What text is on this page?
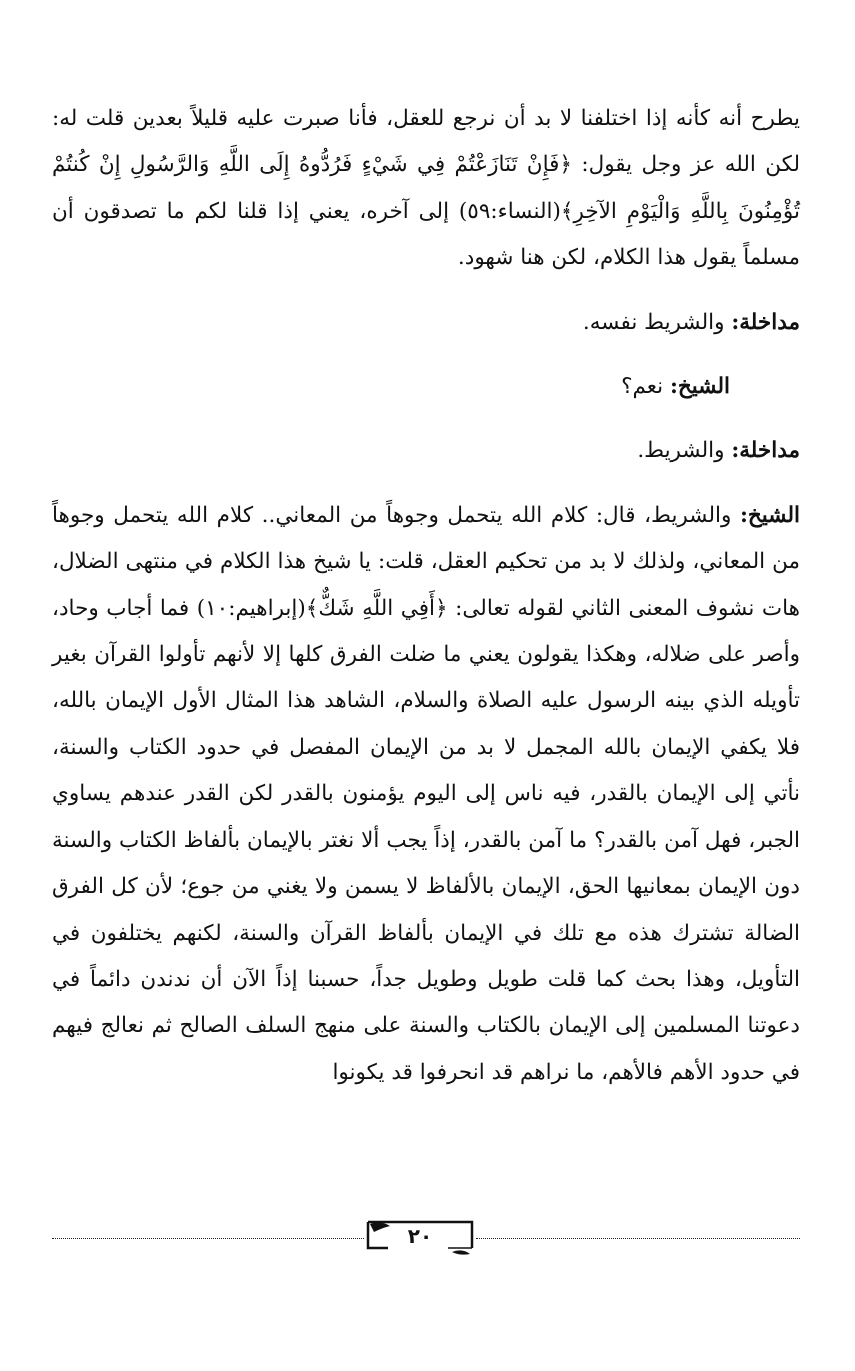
يطرح أنه كأنه إذا اختلفنا لا بد أن نرجع للعقل، فأنا صبرت عليه قليلاً بعدين قلت له: لكن الله عز وجل يقول: ﴿فَإِنْ تَنَازَعْتُمْ فِي شَيْءٍ فَرُدُّوهُ إِلَى اللَّهِ وَالرَّسُولِ إِنْ كُنتُمْ تُؤْمِنُونَ بِاللَّهِ وَالْيَوْمِ الآخِرِ﴾(النساء:٥٩) إلى آخره، يعني إذا قلنا لكم ما تصدقون أن مسلماً يقول هذا الكلام، لكن هنا شهود.

مداخلة: والشريط نفسه.

الشيخ: نعم؟

مداخلة: والشريط.

الشيخ: والشريط، قال: كلام الله يتحمل وجوهاً من المعاني.. كلام الله يتحمل وجوهاً من المعاني، ولذلك لا بد من تحكيم العقل، قلت: يا شيخ هذا الكلام في منتهى الضلال، هات نشوف المعنى الثاني لقوله تعالى: ﴿أَفِي اللَّهِ شَكٌّ﴾(إبراهيم:١٠) فما أجاب وحاد، وأصر على ضلاله، وهكذا يقولون يعني ما ضلت الفرق كلها إلا لأنهم تأولوا القرآن بغير تأويله الذي بينه الرسول عليه الصلاة والسلام، الشاهد هذا المثال الأول الإيمان بالله، فلا يكفي الإيمان بالله المجمل لا بد من الإيمان المفصل في حدود الكتاب والسنة، نأتي إلى الإيمان بالقدر، فيه ناس إلى اليوم يؤمنون بالقدر لكن القدر عندهم يساوي الجبر، فهل آمن بالقدر؟ ما آمن بالقدر، إذاً يجب ألا نغتر بالإيمان بألفاظ الكتاب والسنة دون الإيمان بمعانيها الحق، الإيمان بالألفاظ لا يسمن ولا يغني من جوع؛ لأن كل الفرق الضالة تشترك هذه مع تلك في الإيمان بألفاظ القرآن والسنة، لكنهم يختلفون في التأويل، وهذا بحث كما قلت طويل وطويل جداً، حسبنا إذاً الآن أن ندندن دائماً في دعوتنا المسلمين إلى الإيمان بالكتاب والسنة على منهج السلف الصالح ثم نعالج فيهم في حدود الأهم فالأهم، ما نراهم قد انحرفوا قد يكونوا

٢٠
